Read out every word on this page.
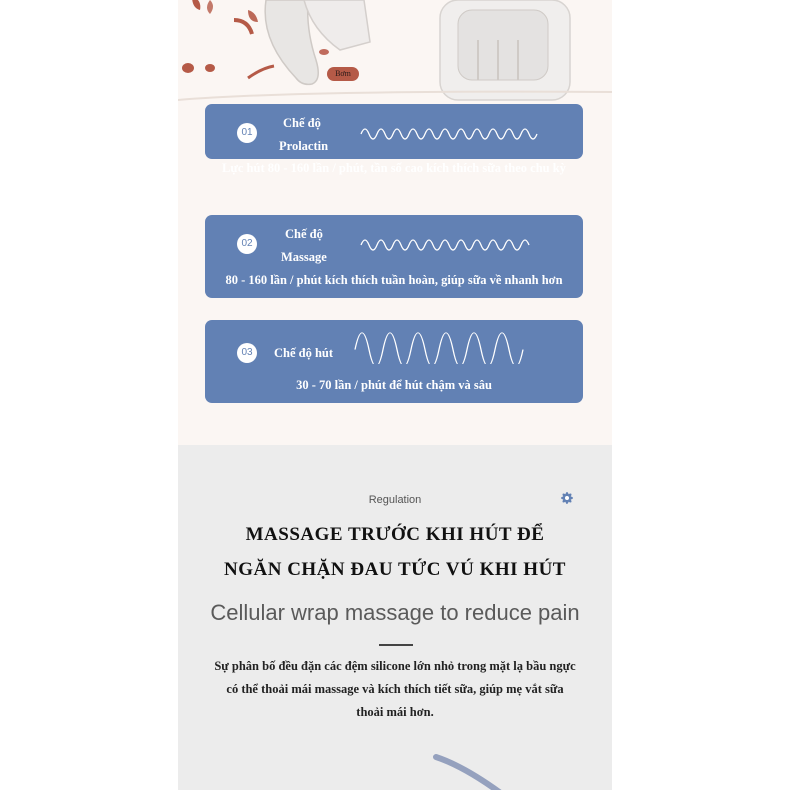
Bơm
01
Chế độ
Prolactin
Lực hút 80 - 160 lần / phút, tần số cao kích thích sữa theo chu kỳ
02
Chế độ
Massage
80 - 160 lần / phút kích thích tuần hoàn, giúp sữa về nhanh hơn
03	Chế độ hút
30 - 70 lần / phút để hút chậm và sâu
Regulation
MASSAGE TRƯỚC KHI HÚT ĐỂ
NGĂN CHẶN ĐAU TỨC VÚ KHI HÚT
Cellular wrap massage to reduce pain
Sự phân bố đều đặn các đệm silicone lớn nhỏ trong mặt lạ bầu ngực
có thể thoải mái massage và kích thích tiết sữa, giúp mẹ vắt sữa
thoải mái hơn.
